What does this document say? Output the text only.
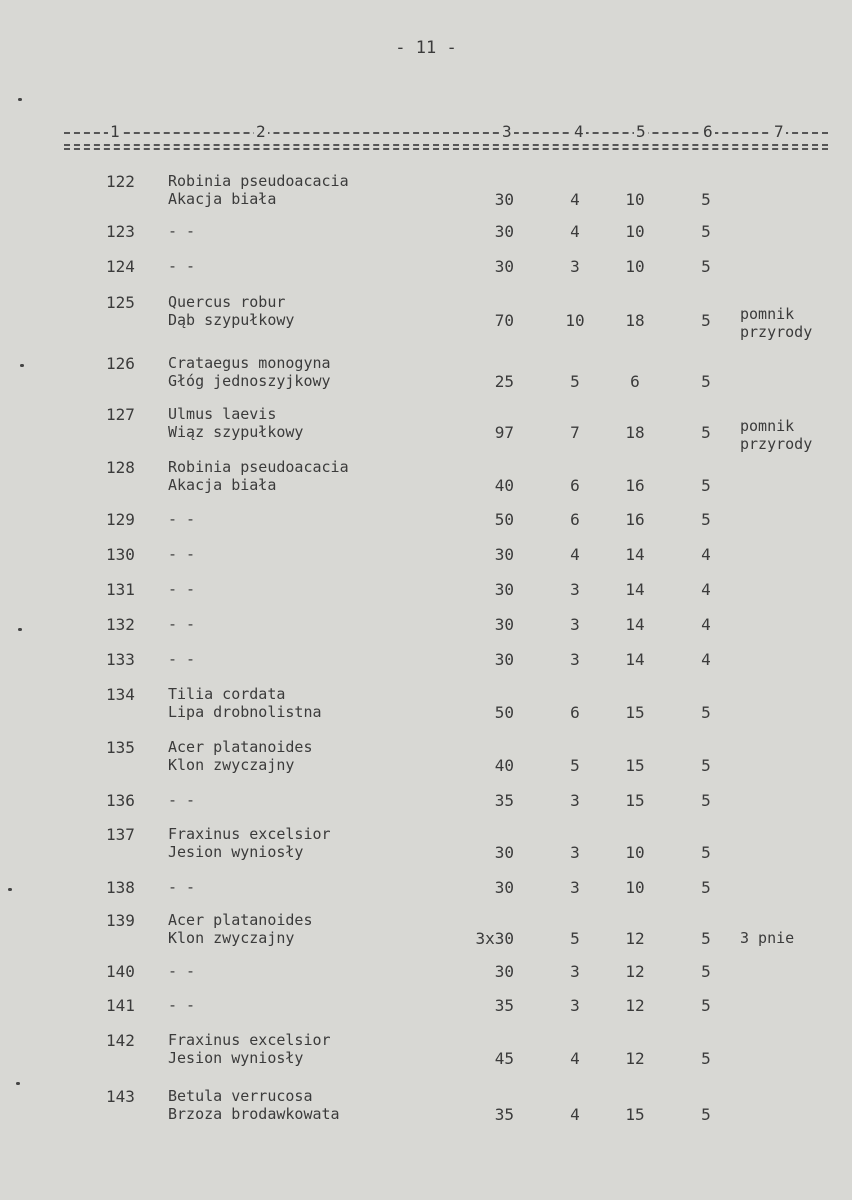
- 11 -
1	2	3	4	5	6	7
122	Robinia pseudoacacia
Akacja biała	30	4	10	5
123	- -	30	4	10	5
124	- -	30	3	10	5
125	Quercus robur
Dąb szypułkowy	70	10	18	5	pomnik
przyrody
126	Crataegus monogyna
Głóg jednoszyjkowy	25	5	6	5
127	Ulmus laevis
Wiąz szypułkowy	97	7	18	5	pomnik
przyrody
128	Robinia pseudoacacia
Akacja biała	40	6	16	5
129	- -	50	6	16	5
130	- -	30	4	14	4
131	- -	30	3	14	4
132	- -	30	3	14	4
133	- -	30	3	14	4
134	Tilia cordata
Lipa drobnolistna	50	6	15	5
135	Acer platanoides
Klon zwyczajny	40	5	15	5
136	- -	35	3	15	5
137	Fraxinus excelsior
Jesion wyniosły	30	3	10	5
138	- -	30	3	10	5
139	Acer platanoides
Klon zwyczajny	3x30	5	12	5	3 pnie
140	- -	30	3	12	5
141	- -	35	3	12	5
142	Fraxinus excelsior
Jesion wyniosły	45	4	12	5
143	Betula verrucosa
Brzoza brodawkowata	35	4	15	5
